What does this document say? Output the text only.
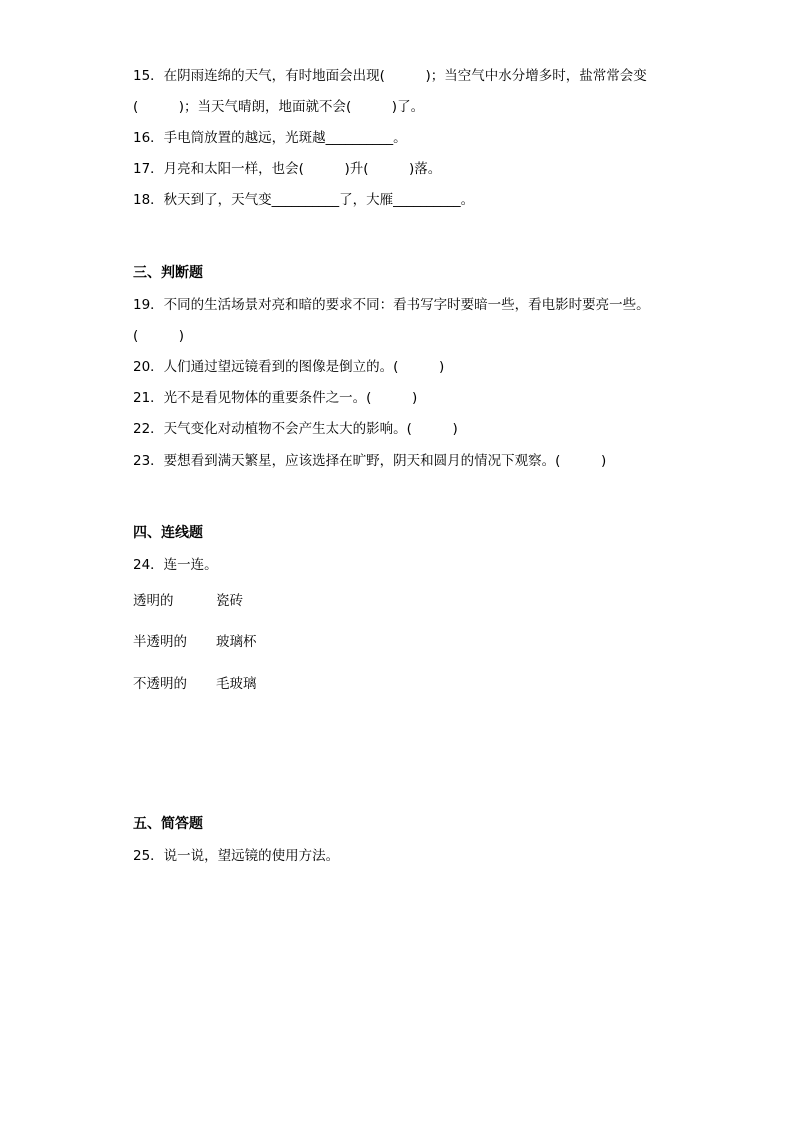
15．在阴雨连绵的天气，有时地面会出现(　　　)；当空气中水分增多时，盐常常会变
(　　　)；当天气晴朗，地面就不会(　　　)了。
16．手电筒放置的越远，光斑越__________。
17．月亮和太阳一样，也会(　　　)升(　　　)落。
18．秋天到了，天气变__________了，大雁__________。
三、判断题
19．不同的生活场景对亮和暗的要求不同：看书写字时要暗一些，看电影时要亮一些。
(　　　)
20．人们通过望远镜看到的图像是倒立的。(　　　)
21．光不是看见物体的重要条件之一。(　　　)
22．天气变化对动植物不会产生太大的影响。(　　　)
23．要想看到满天繁星，应该选择在旷野，阴天和圆月的情况下观察。(　　　)
四、连线题
24．连一连。
透明的	瓷砖
半透明的 玻璃杯
不透明的 毛玻璃
五、简答题
25．说一说，望远镜的使用方法。
